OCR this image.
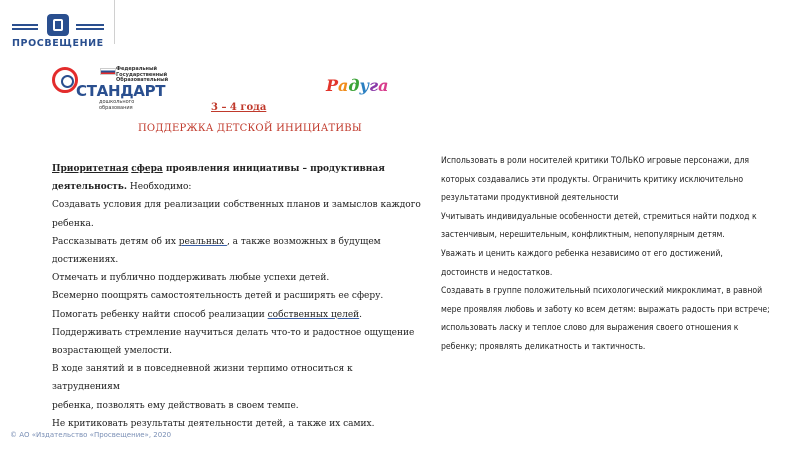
ПРОСВЕЩЕНИЕ
Федеральный
Государственный
Образовательный
СТАНДАРТ
дошкольного образования
Радуга
3 – 4 года
ПОДДЕРЖКА ДЕТСКОЙ ИНИЦИАТИВЫ

Приоритетная сфера проявления инициативы – продуктивная

деятельность. Необходимо:

Создавать условия для реализации собственных планов и замыслов каждого

ребенка.

Рассказывать детям об их реальных , а также возможных в будущем

достижениях.

Отмечать и публично поддерживать любые успехи детей.

Всемерно поощрять самостоятельность детей и расширять ее сферу.

Помогать ребенку найти способ реализации собственных целей.

Поддерживать стремление научиться делать что-то и радостное ощущение

возрастающей умелости.

В ходе занятий и в повседневной жизни терпимо относиться к затруднениям

ребенка, позволять ему действовать в своем темпе.

Не критиковать результаты деятельности детей, а также их самих.

Использовать в роли носителей критики ТОЛЬКО игровые персонажи, для

которых создавались эти продукты. Ограничить критику исключительно

результатами продуктивной деятельности

Учитывать индивидуальные особенности детей, стремиться найти подход к

застенчивым, нерешительным, конфликтным, непопулярным детям.

Уважать и ценить каждого ребенка независимо от его достижений,

достоинств и недостатков.

Создавать в группе положительный психологический микроклимат, в равной

мере проявляя любовь и заботу ко всем детям: выражать радость при встрече;

использовать ласку и теплое слово для выражения своего отношения к

ребенку; проявлять деликатность и тактичность.

© АО «Издательство «Просвещение», 2020
